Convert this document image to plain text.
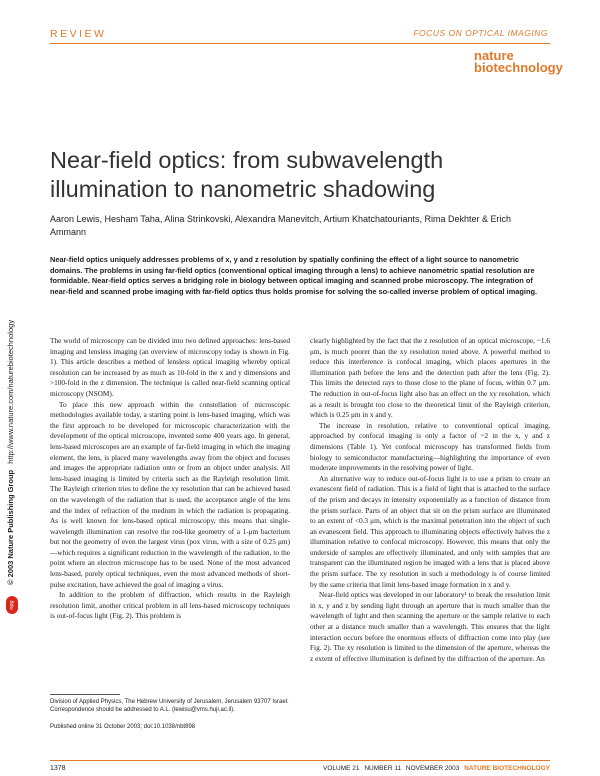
REVIEW	FOCUS ON OPTICAL IMAGING
nature
biotechnology
© 2003 Nature Publishing Group http://www.nature.com/naturebiotechnology
npg
Near-field optics: from subwavelength illumination to nanometric shadowing
Aaron Lewis, Hesham Taha, Alina Strinkovski, Alexandra Manevitch, Artium Khatchatouriants, Rima Dekhter & Erich Ammann
Near-field optics uniquely addresses problems of x, y and z resolution by spatially confining the effect of a light source to nanometric domains. The problems in using far-field optics (conventional optical imaging through a lens) to achieve nanometric spatial resolution are formidable. Near-field optics serves a bridging role in biology between optical imaging and scanned probe microscopy. The integration of near-field and scanned probe imaging with far-field optics thus holds promise for solving the so-called inverse problem of optical imaging.

The world of microscopy can be divided into two defined approaches: lens-based imaging and lensless imaging (an overview of microscopy today is shown in Fig. 1). This article describes a method of lensless optical imaging whereby optical resolution can be increased by as much as 10-fold in the x and y dimensions and >100-fold in the z dimension. The technique is called near-field scanning optical microscopy (NSOM).

To place this new approach within the constellation of microscopic methodologies available today, a starting point is lens-based imaging, which was the first approach to be developed for microscopic characterization with the development of the optical microscope, invented some 400 years ago. In general, lens-based microscopes are an example of far-field imaging in which the imaging element, the lens, is placed many wavelengths away from the object and focuses and images the appropriate radiation onto or from an object under analysis. All lens-based imaging is limited by criteria such as the Rayleigh resolution limit. The Rayleigh criterion tries to define the xy resolution that can be achieved based on the wavelength of the radiation that is used, the acceptance angle of the lens and the index of refraction of the medium in which the radiation is propagating. As is well known for lens-based optical microscopy, this means that single-wavelength illumination can resolve the rod-like geometry of a 1-μm bacterium but not the geometry of even the largest virus (pox virus, with a size of 0.25 μm)—which requires a significant reduction in the wavelength of the radiation, to the point where an electron microscope has to be used. None of the most advanced lens-based, purely optical techniques, even the most advanced methods of short-pulse excitation, have achieved the goal of imaging a virus.

In addition to the problem of diffraction, which results in the Rayleigh resolution limit, another critical problem in all lens-based microscopy techniques is out-of-focus light (Fig. 2). This problem is

clearly highlighted by the fact that the z resolution of an optical microscope, ~1.6 μm, is much poorer than the xy resolution noted above. A powerful method to reduce this interference is confocal imaging, which places apertures in the illumination path before the lens and the detection path after the lens (Fig. 2). This limits the detected rays to those close to the plane of focus, within 0.7 μm. The reduction in out-of-focus light also has an effect on the xy resolution, which as a result is brought too close to the theoretical limit of the Rayleigh criterion, which is 0.25 μm in x and y.

The increase in resolution, relative to conventional optical imaging, approached by confocal imaging is only a factor of ~2 in the x, y and z dimensions (Table 1). Yet confocal microscopy has transformed fields from biology to semiconductor manufacturing—highlighting the importance of even moderate improvements in the resolving power of light.

An alternative way to reduce out-of-focus light is to use a prism to create an evanescent field of radiation. This is a field of light that is attached to the surface of the prism and decays in intensity exponentially as a function of distance from the prism surface. Parts of an object that sit on the prism surface are illuminated to an extent of <0.3 μm, which is the maximal penetration into the object of such an evanescent field. This approach to illuminating objects effectively halves the z illumination relative to confocal microscopy. However, this means that only the underside of samples are effectively illuminated, and only with samples that are transparent can the illuminated region be imaged with a lens that is placed above the prism surface. The xy resolution in such a methodology is of course limited by the same criteria that limit lens-based image formation in x and y.

Near-field optics was developed in our laboratory¹ to break the resolution limit in x, y and z by sending light through an aperture that is much smaller than the wavelength of light and then scanning the aperture or the sample relative to each other at a distance much smaller than a wavelength. This ensures that the light interaction occurs before the enormous effects of diffraction come into play (see Fig. 2). The xy resolution is limited to the dimension of the aperture, whereas the z extent of effective illumination is defined by the diffraction of the aperture. An

Division of Applied Physics, The Hebrew University of Jerusalem, Jerusalem 93707 Israel. Correspondence should be addressed to A.L. (lewisu@vms.huji.ac.il).
Published online 31 October 2003; doi:10.1038/nbt898
1378	VOLUME 21 NUMBER 11 NOVEMBER 2003 NATURE BIOTECHNOLOGY
